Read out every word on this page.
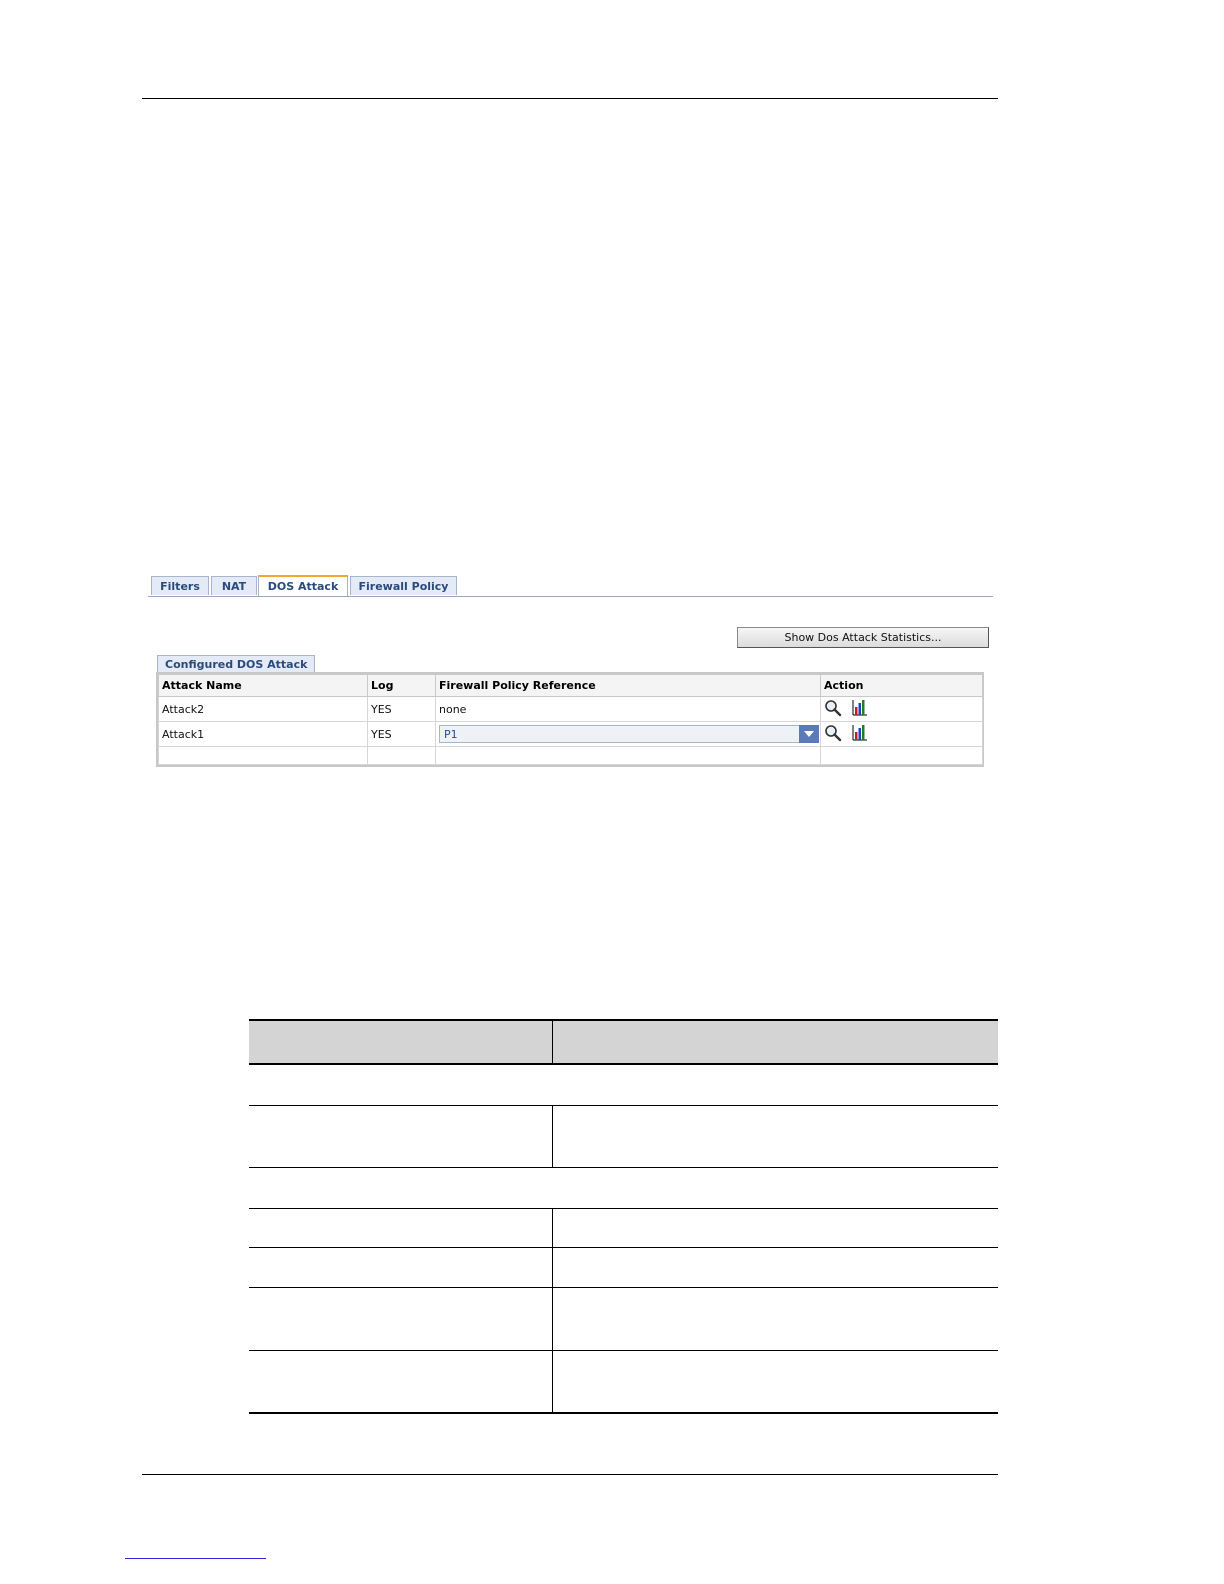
Filters	NAT	DOS Attack	Firewall Policy
Show Dos Attack Statistics...
Configured DOS Attack
Attack Name	Log	Firewall Policy Reference	Action
Attack2	YES	none	
Attack1	YES	P1
